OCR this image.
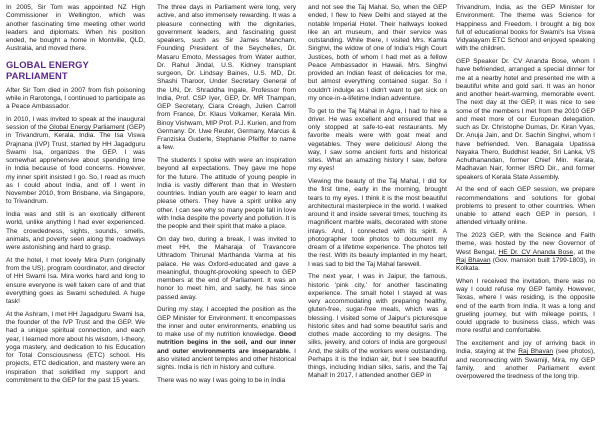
In 2005, Sir Tom was appointed NZ High Commissioner in Wellington, which was another fascinating time meeting other world leaders and diplomats. When his position ended, he bought a home in Montville, QLD, Australia, and moved there.

GLOBAL ENERGY PARLIAMENT

After Sir Tom died in 2007 from fish poisoning while in Rarotonga, I continued to participate as a Peace Ambassador.

In 2010, I was invited to speak at the inaugural session of the Global Energy Parliament (GEP) in Trivandrum, Kerala, India. The Isa Viswa Prajnana (IVP) Trust, started by HH Jagadguru Swami Isa, organizes the GEP. I was somewhat apprehensive about spending time in India because of food concerns. However, my inner spirit insisted I go. So, I read as much as I could about India, and off I went in November 2010, from Brisbane, via Singapore, to Trivandrum.

India was and still is an exotically different world, unlike anything I had ever experienced. The crowdedness, sights, sounds, smells, animals, and poverty seen along the roadways were astonishing and hard to grasp.

At the hotel, I met lovely Mira Purn (originally from the US), program coordinator, and director of HH Swami Isa. Mira works hard and long to ensure everyone is well taken care of and that everything goes as Swami scheduled. A huge task!

At the Ashram, I met HH Jagadguru Swami Isa, the founder of the IVP Trust and the GEP. We had a unique spiritual connection, and each year, I learned more about his wisdom, I-theory, yoga mastery, and dedication to his Education for Total Consciousness (ETC) school. His projects, ETC dedication, and mastery were an inspiration that solidified my support and commitment to the GEP for the past 15 years.

The three days in Parliament were long, very active, and also immensely rewarding. It was a pleasure connecting with the dignitaries, government leaders, and fascinating guest speakers, such as Sir James Mancham, Founding President of the Seychelles, Dr. Masaru Emoto, Messages from Water author, Dr. Rahul Jindal, U.S. Kidney transplant surgeon, Dr. Lindsay Baines, U.S. MD, Dr. Shashi Tharoor, Under Secretary General of the UN, Dr. Shraddha Ingale, Professor from India, Prof. CSP Iyer, GEP, Dr. MR Thampan, GEP Secretary, Ciara Creagh, Julien Carroll from France, Dr. Klaus Volkamer, Kerala Min. Binoy Vishwam, MIP Prof. P.J. Kurien, and from Germany: Dr. Uwe Reuter, Germany, Marcus & Franziska Guderle, Stephanie Pfeiffer to name a few.

The students I spoke with were an inspiration beyond all expectations. They gave me hope for the future. The attitude of young people in India is vastly different than that in Western countries. Indian youth are eager to learn and please others. They have a spirit unlike any other. I can see why so many people fall in love with India despite the poverty and pollution. It is the people and their spirit that make a place.

On day two, during a break, I was invited to meet HH, the Maharaja of Travancore Uthradom Thirunal Marthanda Varma at his palace. He was Oxford-educated and gave a meaningful, thought-provoking speech to GEP members at the end of Parliament. It was an honor to meet him, and sadly, he has since passed away.

During my stay, I accepted the position as the GEP Minister for Environment. It encompasses the inner and outer environments, enabling us to make use of my nutrition knowledge. Good nutrition begins in the soil, and our inner and outer environments are inseparable. I also visited ancient temples and other historical sights. India is rich in history and culture.

There was no way I was going to be in India

and not see the Taj Mahal. So, when the GEP ended, I flew to New Delhi and stayed at the notable Imperial Hotel. Their hallways looked like an art museum, and their service was outstanding. While there, I visited Mrs. Kamla Singhvi, the widow of one of India's High Court Justices, both of whom I had met as a fellow Peace Ambassador in Hawaii. Mrs. Singhvi provided an Indian feast of delicacies for me, but almost everything contained sugar. So I couldn't indulge as I didn't want to get sick on my once-in-a-lifetime Indian adventure.

To get to the Taj Mahal in Agra, I had to hire a driver. He was excellent and ensured that we only stopped at safe-to-eat restaurants. My favorite meals were with goat meat and vegetables. They were delicious! Along the way, I saw some ancient forts and historical sites. What an amazing history I saw, before my eyes!

Viewing the beauty of the Taj Mahal, I did for the first time, early in the morning, brought tears to my eyes. I think it is the most beautiful architectural masterpiece in the world. I walked around it and inside several times, touching its magnificent marble walls, decorated with stone inlays. And, I connected with its spirit. A photographer took photos to document my dream of a lifetime experience. The photos tell the rest. With its beauty implanted in my heart, I was sad to bid the Taj Mahal farewell.

The next year, I was in Jaipur, the famous, historic 'pink city,' for another fascinating experience. The small hotel I stayed at was very accommodating with preparing healthy, gluten-free, sugar-free meals, which was a blessing. I visited some of Jaipur's picturesque historic sites and had some beautiful saris and clothes made according to my designs. The silks, jewelry, and colors of India are gorgeous! And, the skills of the workers were outstanding. Perhaps it is the Indian air, but I see beautiful things, including Indian silks, saris, and the Taj Mahal! In 2017, I attended another GEP in

Trivandrum, India, as the GEP Minister for Environment. The theme was Science for Happiness and Freedom. I brought a big box full of educational books for Swami's Isa Viswa Vidyalayam ETC School and enjoyed speaking with the children.

GEP Speaker Dr. CV Ananda Bose, whom I have befriended, arranged a special dinner for me at a nearby hotel and presented me with a beautiful white and gold sari. It was an honor and another heart-warming, memorable event. The next day at the GEP, it was nice to see some of the members I met from the 2010 GEP and meet more of our European delegation, such as Dr. Christophe Dumas, Dr. Kiran Vyas, Dr. Anuja Jain, and Dr. Sachin Singhvi, whom I have befriended. Ven. Banagala Upatissa Nayaka Thero, Buddhist leader, Sri Lanka, VS Achuthanandan, former Chief Min. Kerala, Madhavan Nair, former ISRO Dir., and former speakers of Kerala State Assembly.

At the end of each GEP session, we prepare recommendations and solutions for global problems to present to other countries. When unable to attend each GEP in person, I attended virtually online.

The 2023 GEP, with the Science and Faith theme, was hosted by the new Governor of West Bengal, HE Dr. CV Ananda Bose, at the Raj Bhavan (Gov. mansion built 1799-1803), in Kolkata.

When I received the invitation, there was no way I could refuse my GEP family. However, Texas, where I was residing, is the opposite end of the earth from India. It was a long and grueling journey, but with mileage points, I could upgrade to business class, which was more restful and comfortable.

The excitement and joy of arriving back in India, staying at the Raj Bhavan (see photos), and reconnecting with Swamiji, Mira, my GEP family, and another Parliament event overpowered the tiredness of the long trip.
